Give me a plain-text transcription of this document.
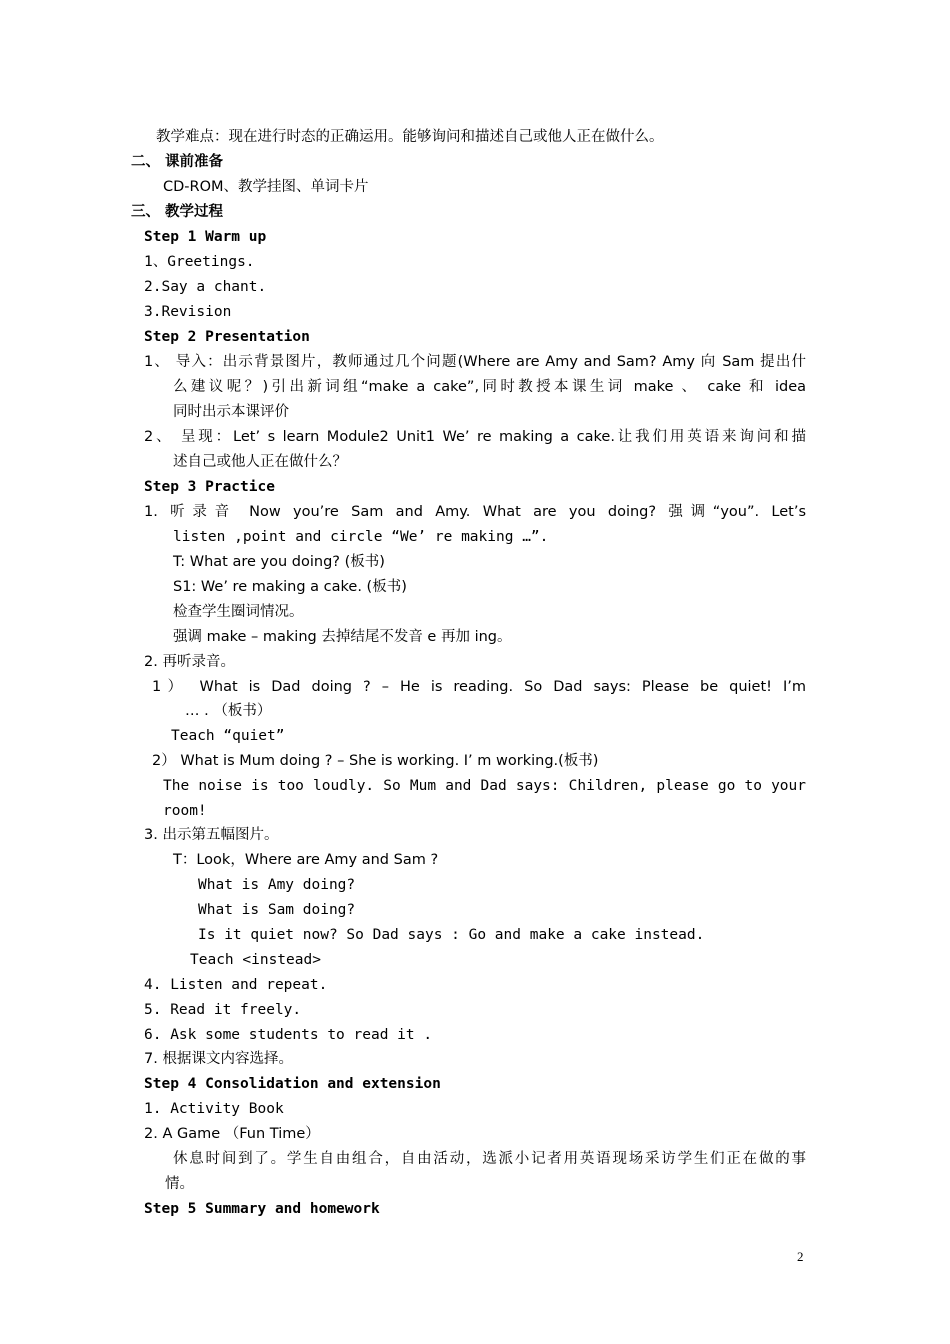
教学难点：现在进行时态的正确运用。能够询问和描述自己或他人正在做什么。
二、 课前准备
CD-ROM、教学挂图、单词卡片
三、 教学过程
Step 1 Warm up
1、Greetings.
2.Say a chant.
3.Revision
Step 2 Presentation
1、 导入：出示背景图片，教师通过几个问题(Where are Amy and Sam? Amy 向 Sam 提出什
么建议呢？)引出新词组“make a cake”,同时教授本课生词 make 、 cake 和 idea
同时出示本课评价
2、 呈现：Let’ s learn Module2 Unit1 We’ re making a cake.让我们用英语来询问和描
述自己或他人正在做什么？
Step 3 Practice
1. 听录音 Now you’re Sam and Amy. What are you doing? 强调“you”. Let’s
listen ,point and circle “We’ re making …”.
T: What are you doing? (板书)
S1: We’ re making a cake. (板书)
检查学生圈词情况。
强调 make – making 去掉结尾不发音 e 再加 ing。
2. 再听录音。
1） What is Dad doing ? – He is reading. So Dad says: Please be quiet! I’m
… . （板书）
Teach “quiet”
2） What is Mum doing ? – She is working. I’ m working.(板书)
The noise is too loudly. So Mum and Dad says: Children, please go to your
room!
3. 出示第五幅图片。
T：Look，Where are Amy and Sam ?
What is Amy doing?
What is Sam doing?
Is it quiet now? So Dad says : Go and make a cake instead.
Teach <instead>
4. Listen and repeat.
5. Read it freely.
6. Ask some students to read it .
7. 根据课文内容选择。
Step 4 Consolidation and extension
1. Activity Book
2. A Game （Fun Time）
休息时间到了。学生自由组合，自由活动，选派小记者用英语现场采访学生们正在做的事
情。
Step 5 Summary and homework
2
